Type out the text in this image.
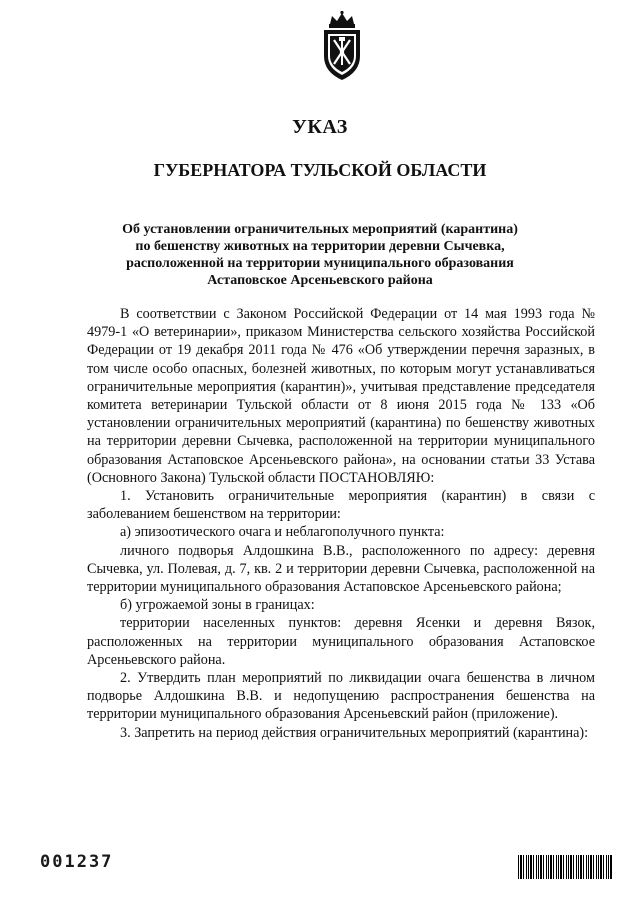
УКАЗ
ГУБЕРНАТОРА ТУЛЬСКОЙ ОБЛАСТИ
Об установлении ограничительных мероприятий (карантина)
по бешенству животных на территории деревни Сычевка,
расположенной на территории муниципального образования
Астаповское Арсеньевского района

В соответствии с Законом Российской Федерации от 14 мая 1993 года № 4979-1 «О ветеринарии», приказом Министерства сельского хозяйства Российской Федерации от 19 декабря 2011 года № 476 «Об утверждении перечня заразных, в том числе особо опасных, болезней животных, по которым могут устанавливаться ограничительные мероприятия (карантин)», учитывая представление председателя комитета ветеринарии Тульской области от 8 июня 2015 года № 133 «Об установлении ограничительных мероприятий (карантина) по бешенству животных на территории деревни Сычевка, расположенной на территории муниципального образования Астаповское Арсеньевского района», на основании статьи 33 Устава (Основного Закона) Тульской области ПОСТАНОВЛЯЮ:

1. Установить ограничительные мероприятия (карантин) в связи с заболеванием бешенством на территории:

а) эпизоотического очага и неблагополучного пункта:

личного подворья Алдошкина В.В., расположенного по адресу: деревня Сычевка, ул. Полевая, д. 7, кв. 2 и территории деревни Сычевка, расположенной на территории муниципального образования Астаповское Арсеньевского района;

б) угрожаемой зоны в границах:

территории населенных пунктов: деревня Ясенки и деревня Вязок, расположенных на территории муниципального образования Астаповское Арсеньевского района.

2. Утвердить план мероприятий по ликвидации очага бешенства в личном подворье Алдошкина В.В. и недопущению распространения бешенства на территории муниципального образования Арсеньевский район (приложение).

3. Запретить на период действия ограничительных мероприятий (карантина):

001237
